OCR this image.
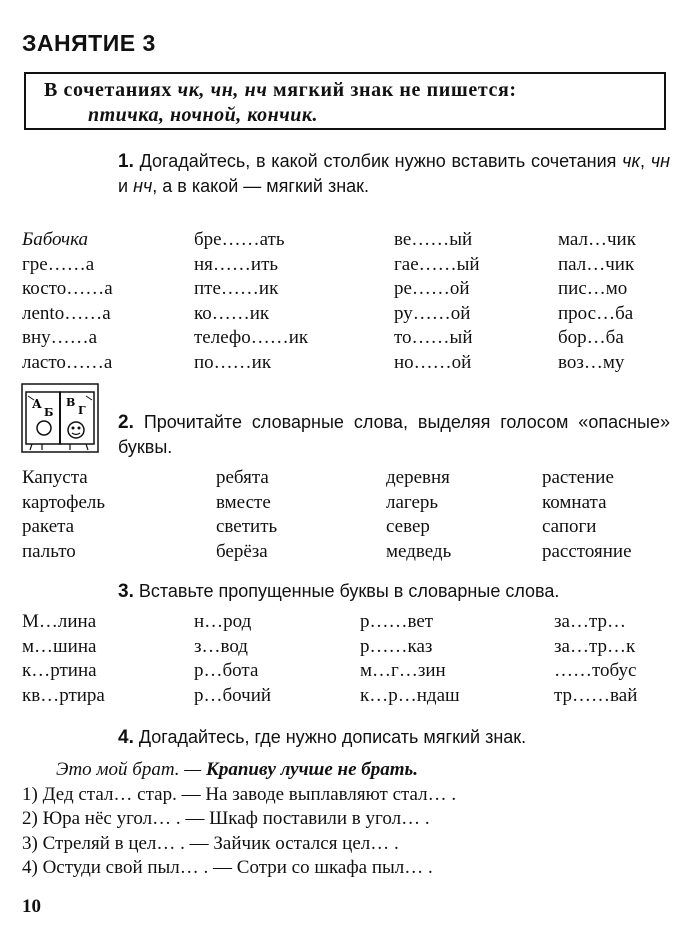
ЗАНЯТИЕ 3
В сочетаниях чк, чн, нч мягкий знак не пишется:
птичка, ночной, кончик.
1. Догадайтесь, в какой столбик нужно вставить сочетания чк, чн и нч, а в какой — мягкий знак.
Бабочка
гре……а
косто……а
лento……а
вну……а
ласто……а
бре……ать
ня……ить
пте……ик
ко……ик
телефо……ик
по……ик
ве……ый
гае……ый
ре……ой
ру……ой
то……ый
но……ой
мал…чик
пал…чик
пис…мо
прос…ба
бор…ба
воз…му
А
Б
В
Г
2. Прочитайте словарные слова, выделяя голосом «опасные» буквы.
Капуста
картофель
ракета
пальто
ребята
вместе
светить
берёза
деревня
лагерь
север
медведь
растение
комната
сапоги
расстояние
3. Вставьте пропущенные буквы в словарные слова.
М…лина
м…шина
к…ртина
кв…ртира
н…род
з…вод
р…бота
р…бочий
р……вет
р……каз
м…г…зин
к…р…ндаш
за…тр…
за…тр…к
……тобус
тр……вай
4. Догадайтесь, где нужно дописать мягкий знак.
Это мой брат. — Крапиву лучше не брать.
1) Дед стал… стар. — На заводе выплавляют стал… .
2) Юра нёс угол… . — Шкаф поставили в угол… .
3) Стреляй в цел… . — Зайчик остался цел… .
4) Остуди свой пыл… . — Сотри со шкафа пыл… .
10
